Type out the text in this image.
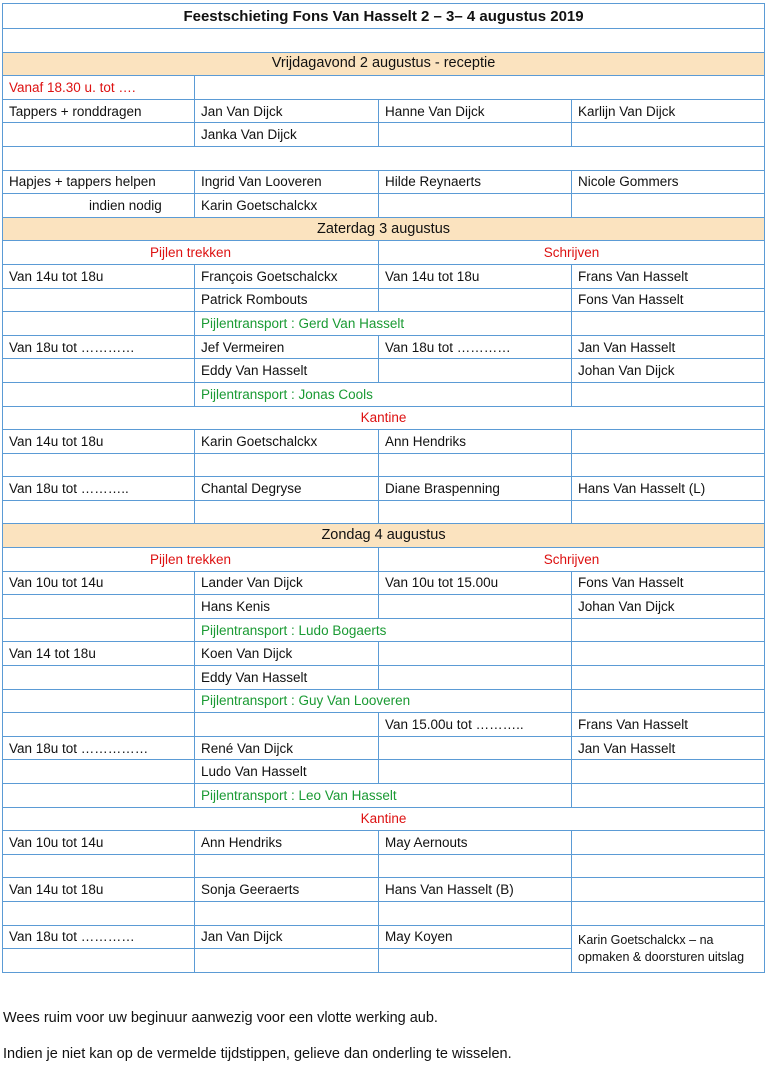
Feestschieting Fons Van Hasselt 2 – 3– 4 augustus 2019			

Vrijdagavond 2 augustus - receptie			
Vanaf 18.30 u. tot ….			
Tappers + ronddragen	Jan Van Dijck	Hanne Van Dijck	Karlijn Van Dijck
	Janka Van Dijck		

Hapjes + tappers helpen	Ingrid Van Looveren	Hilde Reynaerts	Nicole Gommers
indien nodig	Karin Goetschalckx		
Zaterdag 3 augustus			
Pijlen trekken		Schrijven	
Van 14u tot 18u	François Goetschalckx	Van 14u tot 18u	Frans Van Hasselt
	Patrick Rombouts		Fons Van Hasselt
	Pijlentransport : Gerd Van Hasselt		
Van 18u tot …………	Jef Vermeiren	Van 18u tot …………	Jan Van Hasselt
	Eddy Van Hasselt		Johan Van Dijck
	Pijlentransport : Jonas Cools		
Kantine			
Van 14u tot 18u	Karin Goetschalckx	Ann Hendriks	

Van 18u tot ………..	Chantal Degryse	Diane Braspenning	Hans Van Hasselt (L)

Zondag 4 augustus			
Pijlen trekken		Schrijven	
Van 10u tot 14u	Lander Van Dijck	Van 10u tot 15.00u	Fons Van Hasselt
	Hans Kenis		Johan Van Dijck
	Pijlentransport : Ludo Bogaerts		
Van 14 tot 18u	Koen Van Dijck		
	Eddy Van Hasselt		
	Pijlentransport : Guy Van Looveren		
		Van 15.00u tot ………..	Frans Van Hasselt
Van 18u tot ……………	René Van Dijck		Jan Van Hasselt
	Ludo Van Hasselt		
	Pijlentransport : Leo Van Hasselt		
Kantine			
Van 10u tot 14u	Ann Hendriks	May Aernouts	

Van 14u tot 18u	Sonja Geeraerts	Hans Van Hasselt (B)	

Van 18u tot …………	Jan Van Dijck	May Koyen	Karin Goetschalckx – na opmaken & doorsturen uitslag

Wees ruim voor uw beginuur aanwezig voor een vlotte werking aub.

Indien je niet kan op de vermelde tijdstippen, gelieve dan onderling te wisselen.
